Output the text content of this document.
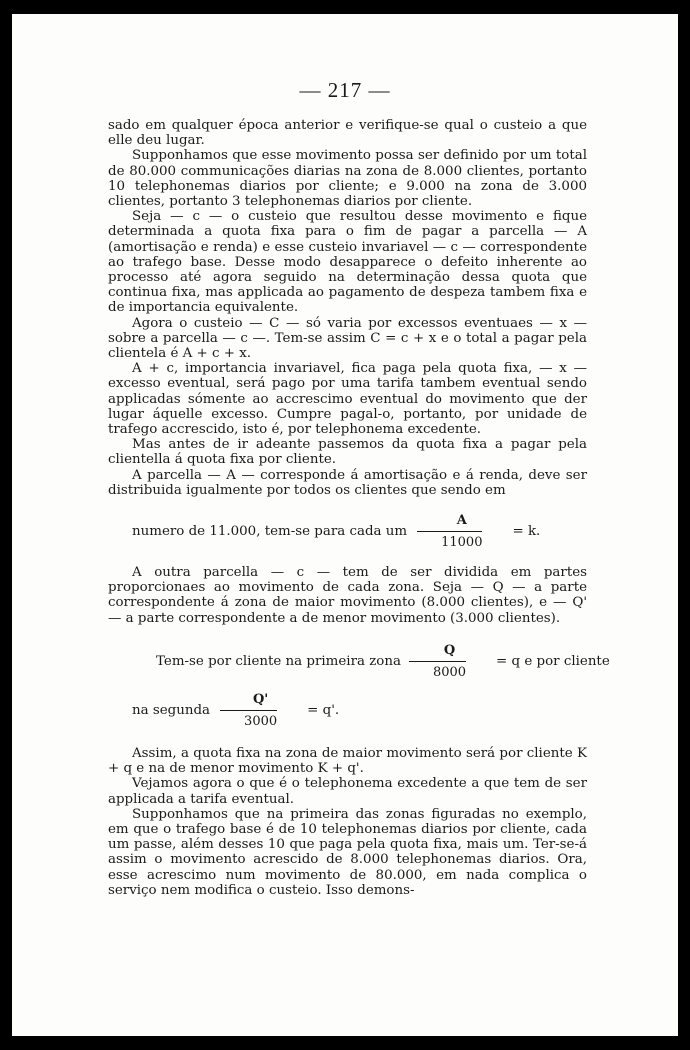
— 217 —

sado em qualquer época anterior e verifique-se qual o custeio a que elle deu lugar.

Supponhamos que esse movimento possa ser definido por um total de 80.000 communicações diarias na zona de 8.000 clientes, portanto 10 telephonemas diarios por cliente; e 9.000 na zona de 3.000 clientes, portanto 3 telephonemas diarios por cliente.

Seja — c — o custeio que resultou desse movimento e fique determinada a quota fixa para o fim de pagar a parcella — A (amortisação e renda) e esse custeio invariavel — c — correspondente ao trafego base. Desse modo desapparece o defeito inherente ao processo até agora seguido na determinação dessa quota que continua fixa, mas applicada ao pagamento de despeza tambem fixa e de importancia equivalente.

Agora o custeio — C — só varia por excessos eventuaes — x — sobre a parcella — c —. Tem-se assim C = c + x e o total a pagar pela clientela é A + c + x.

A + c, importancia invariavel, fica paga pela quota fixa, — x — excesso eventual, será pago por uma tarifa tambem eventual sendo applicadas sómente ao accrescimo eventual do movimento que der lugar áquelle excesso. Cumpre pagal-o, portanto, por unidade de trafego accrescido, isto é, por telephonema excedente.

Mas antes de ir adeante passemos da quota fixa a pagar pela clientella á quota fixa por cliente.

A parcella — A — corresponde á amortisação e á renda, deve ser distribuida igualmente por todos os clientes que sendo em

numero de 11.000, tem-se para cada um $\frac{A}{11000}$	= k.

A outra parcella — c — tem de ser dividida em partes proporcionaes ao movimento de cada zona. Seja — Q — a parte correspondente á zona de maior movimento (8.000 clientes), e — Q' — a parte correspondente a de menor movimento (3.000 clientes).

Tem-se por cliente na primeira zona $\frac{Q}{8000}$	= q e por cliente

na segunda $\frac{Q'}{3000}$	= q'.

Assim, a quota fixa na zona de maior movimento será por cliente K + q e na de menor movimento K + q'.

Vejamos agora o que é o telephonema excedente a que tem de ser applicada a tarifa eventual.

Supponhamos que na primeira das zonas figuradas no exemplo, em que o trafego base é de 10 telephonemas diarios por cliente, cada um passe, além desses 10 que paga pela quota fixa, mais um. Ter-se-á assim o movimento acrescido de 8.000 telephonemas diarios. Ora, esse acrescimo num movimento de 80.000, em nada complica o serviço nem modifica o custeio. Isso demons-
